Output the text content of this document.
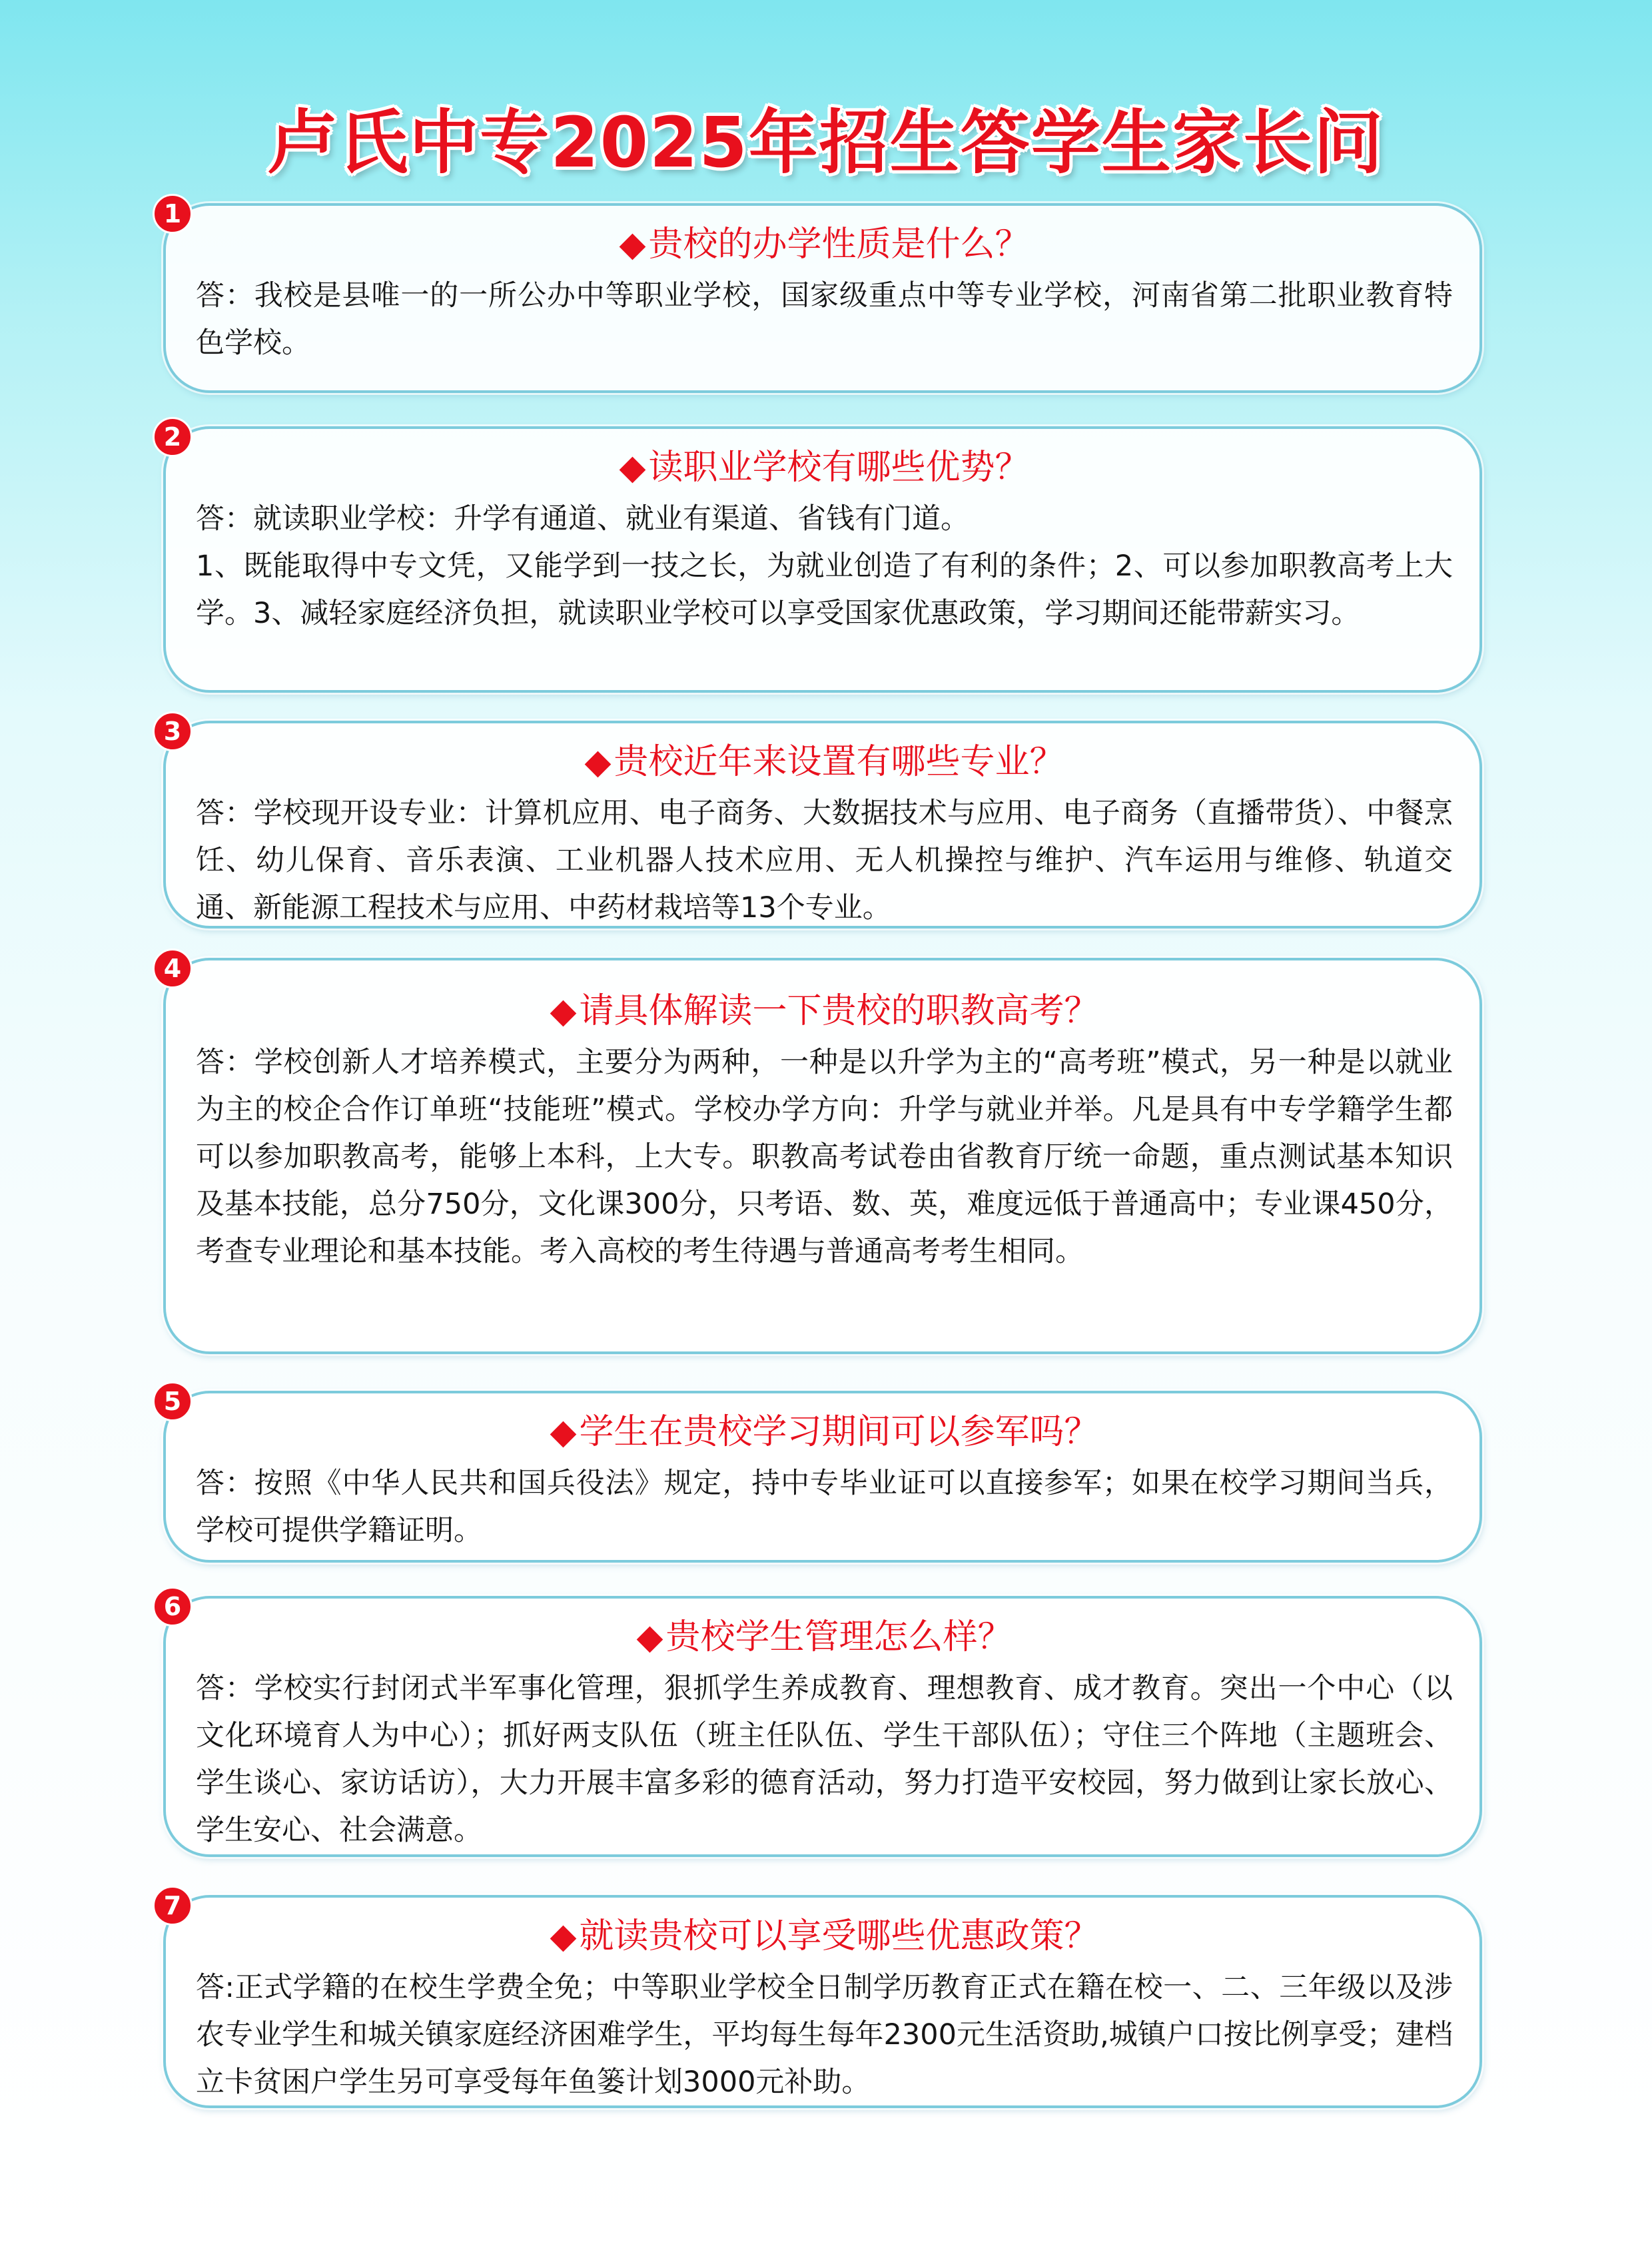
卢氏中专2025年招生答学生家长问
1
◆贵校的办学性质是什么？

答：我校是县唯一的一所公办中等职业学校，国家级重点中等专业学校，河南省第二批职业教育特色学校。

2
◆读职业学校有哪些优势？

答：就读职业学校：升学有通道、就业有渠道、省钱有门道。

1、既能取得中专文凭，又能学到一技之长，为就业创造了有利的条件；2、可以参加职教高考上大学。3、减轻家庭经济负担，就读职业学校可以享受国家优惠政策，学习期间还能带薪实习。

3
◆贵校近年来设置有哪些专业？

答：学校现开设专业：计算机应用、电子商务、大数据技术与应用、电子商务（直播带货）、中餐烹饪、幼儿保育、音乐表演、工业机器人技术应用、无人机操控与维护、汽车运用与维修、轨道交通、新能源工程技术与应用、中药材栽培等13个专业。

4
◆请具体解读一下贵校的职教高考？

答：学校创新人才培养模式，主要分为两种，一种是以升学为主的“高考班”模式，另一种是以就业为主的校企合作订单班“技能班”模式。学校办学方向：升学与就业并举。凡是具有中专学籍学生都可以参加职教高考，能够上本科，上大专。职教高考试卷由省教育厅统一命题，重点测试基本知识及基本技能，总分750分，文化课300分，只考语、数、英，难度远低于普通高中；专业课450分，考查专业理论和基本技能。考入高校的考生待遇与普通高考考生相同。

5
◆学生在贵校学习期间可以参军吗？

答：按照《中华人民共和国兵役法》规定，持中专毕业证可以直接参军；如果在校学习期间当兵，学校可提供学籍证明。

6
◆贵校学生管理怎么样？

答：学校实行封闭式半军事化管理，狠抓学生养成教育、理想教育、成才教育。突出一个中心（以文化环境育人为中心）；抓好两支队伍（班主任队伍、学生干部队伍）；守住三个阵地（主题班会、学生谈心、家访话访），大力开展丰富多彩的德育活动，努力打造平安校园，努力做到让家长放心、学生安心、社会满意。

7
◆就读贵校可以享受哪些优惠政策？

答:正式学籍的在校生学费全免；中等职业学校全日制学历教育正式在籍在校一、二、三年级以及涉农专业学生和城关镇家庭经济困难学生，平均每生每年2300元生活资助,城镇户口按比例享受；建档立卡贫困户学生另可享受每年鱼篓计划3000元补助。
